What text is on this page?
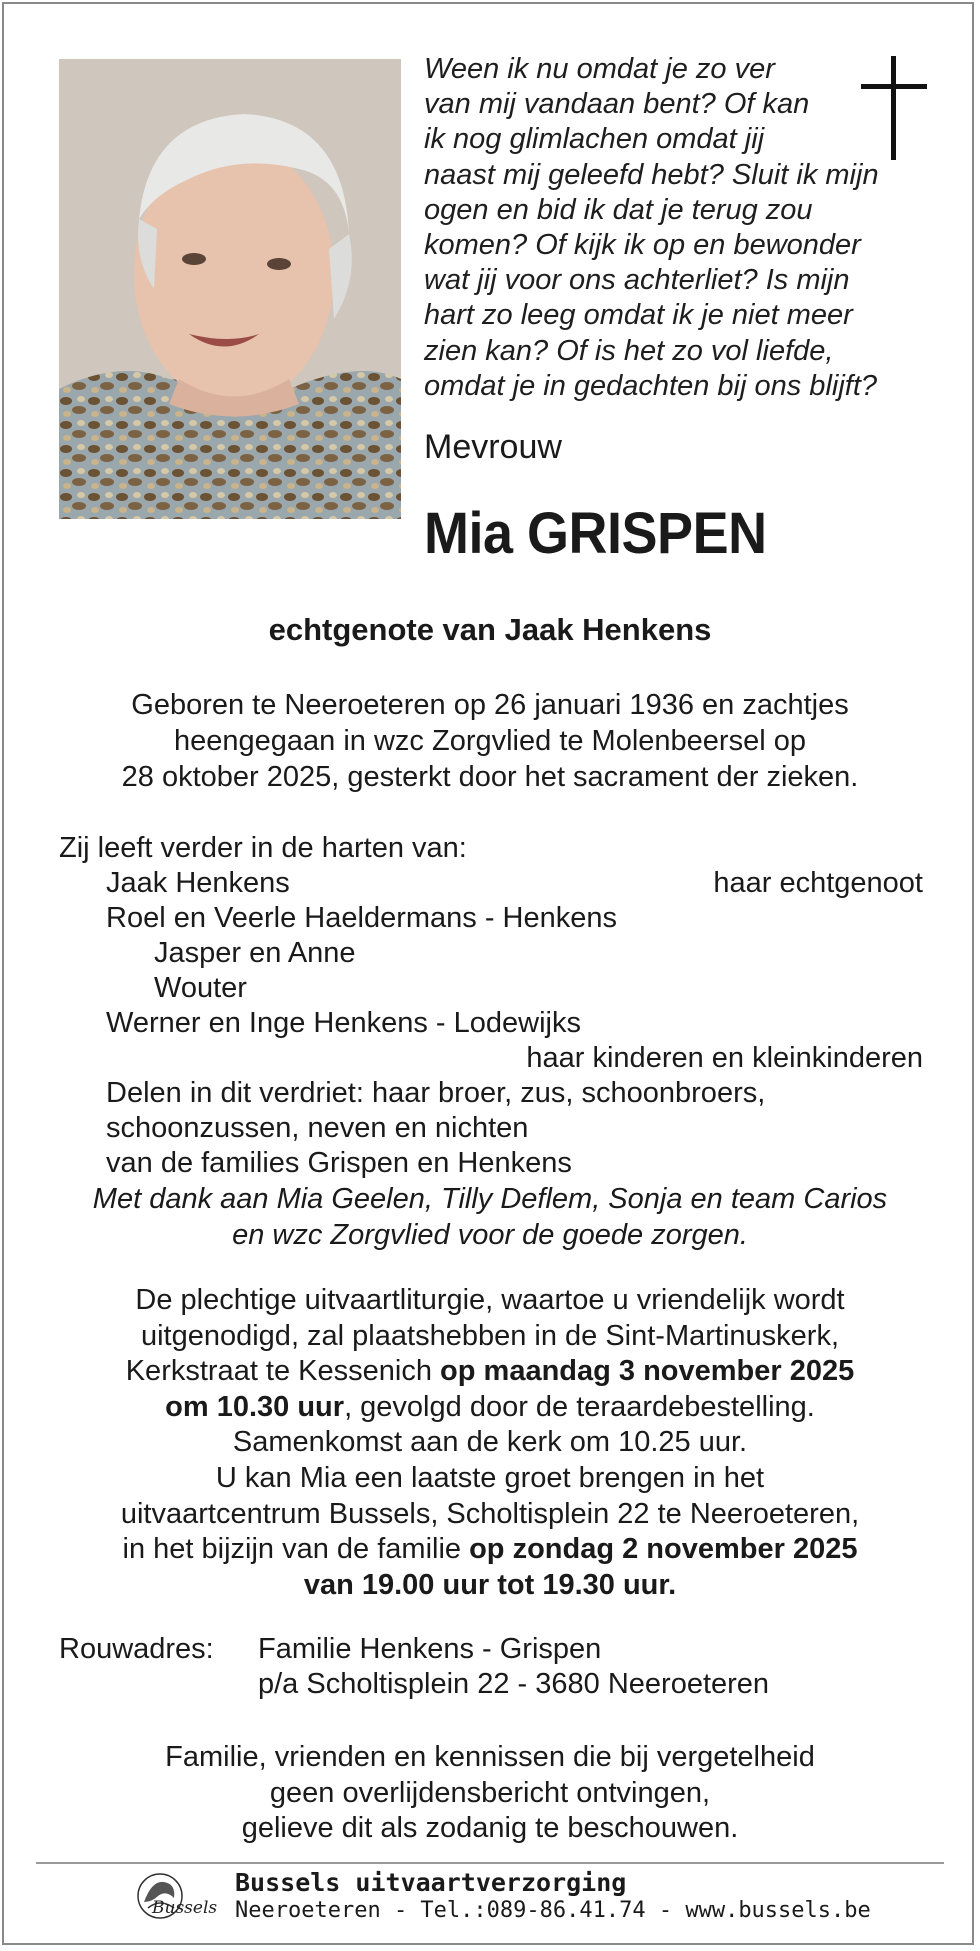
Ween ik nu omdat je zo ver
van mij vandaan bent? Of kan
ik nog glimlachen omdat jij
naast mij geleefd hebt? Sluit ik mijn
ogen en bid ik dat je terug zou
komen? Of kijk ik op en bewonder
wat jij voor ons achterliet? Is mijn
hart zo leeg omdat ik je niet meer
zien kan? Of is het zo vol liefde,
omdat je in gedachten bij ons blijft?
Mevrouw
Mia GRISPEN
echtgenote van Jaak Henkens
Geboren te Neeroeteren op 26 januari 1936 en zachtjes
heengegaan in wzc Zorgvlied te Molenbeersel op
28 oktober 2025, gesterkt door het sacrament der zieken.
Zij leeft verder in de harten van:
Jaak Henkens	haar echtgenoot
Roel en Veerle Haeldermans - Henkens
Jasper en Anne
Wouter
Werner en Inge Henkens - Lodewijks
haar kinderen en kleinkinderen
Delen in dit verdriet: haar broer, zus, schoonbroers,
schoonzussen, neven en nichten
van de families Grispen en Henkens
Met dank aan Mia Geelen, Tilly Deflem, Sonja en team Carios
en wzc Zorgvlied voor de goede zorgen.
De plechtige uitvaartliturgie, waartoe u vriendelijk wordt
uitgenodigd, zal plaatshebben in de Sint-Martinuskerk,
Kerkstraat te Kessenich op maandag 3 november 2025
om 10.30 uur, gevolgd door de teraardebestelling.
Samenkomst aan de kerk om 10.25 uur.
U kan Mia een laatste groet brengen in het
uitvaartcentrum Bussels, Scholtisplein 22 te Neeroeteren,
in het bijzijn van de familie op zondag 2 november 2025
van 19.00 uur tot 19.30 uur.
Rouwadres: Familie Henkens - Grispen
p/a Scholtisplein 22 - 3680 Neeroeteren
Familie, vrienden en kennissen die bij vergetelheid
geen overlijdensbericht ontvingen,
gelieve dit als zodanig te beschouwen.
Bussels
Bussels uitvaartverzorging
Neeroeteren - Tel.:089-86.41.74 - www.bussels.be
